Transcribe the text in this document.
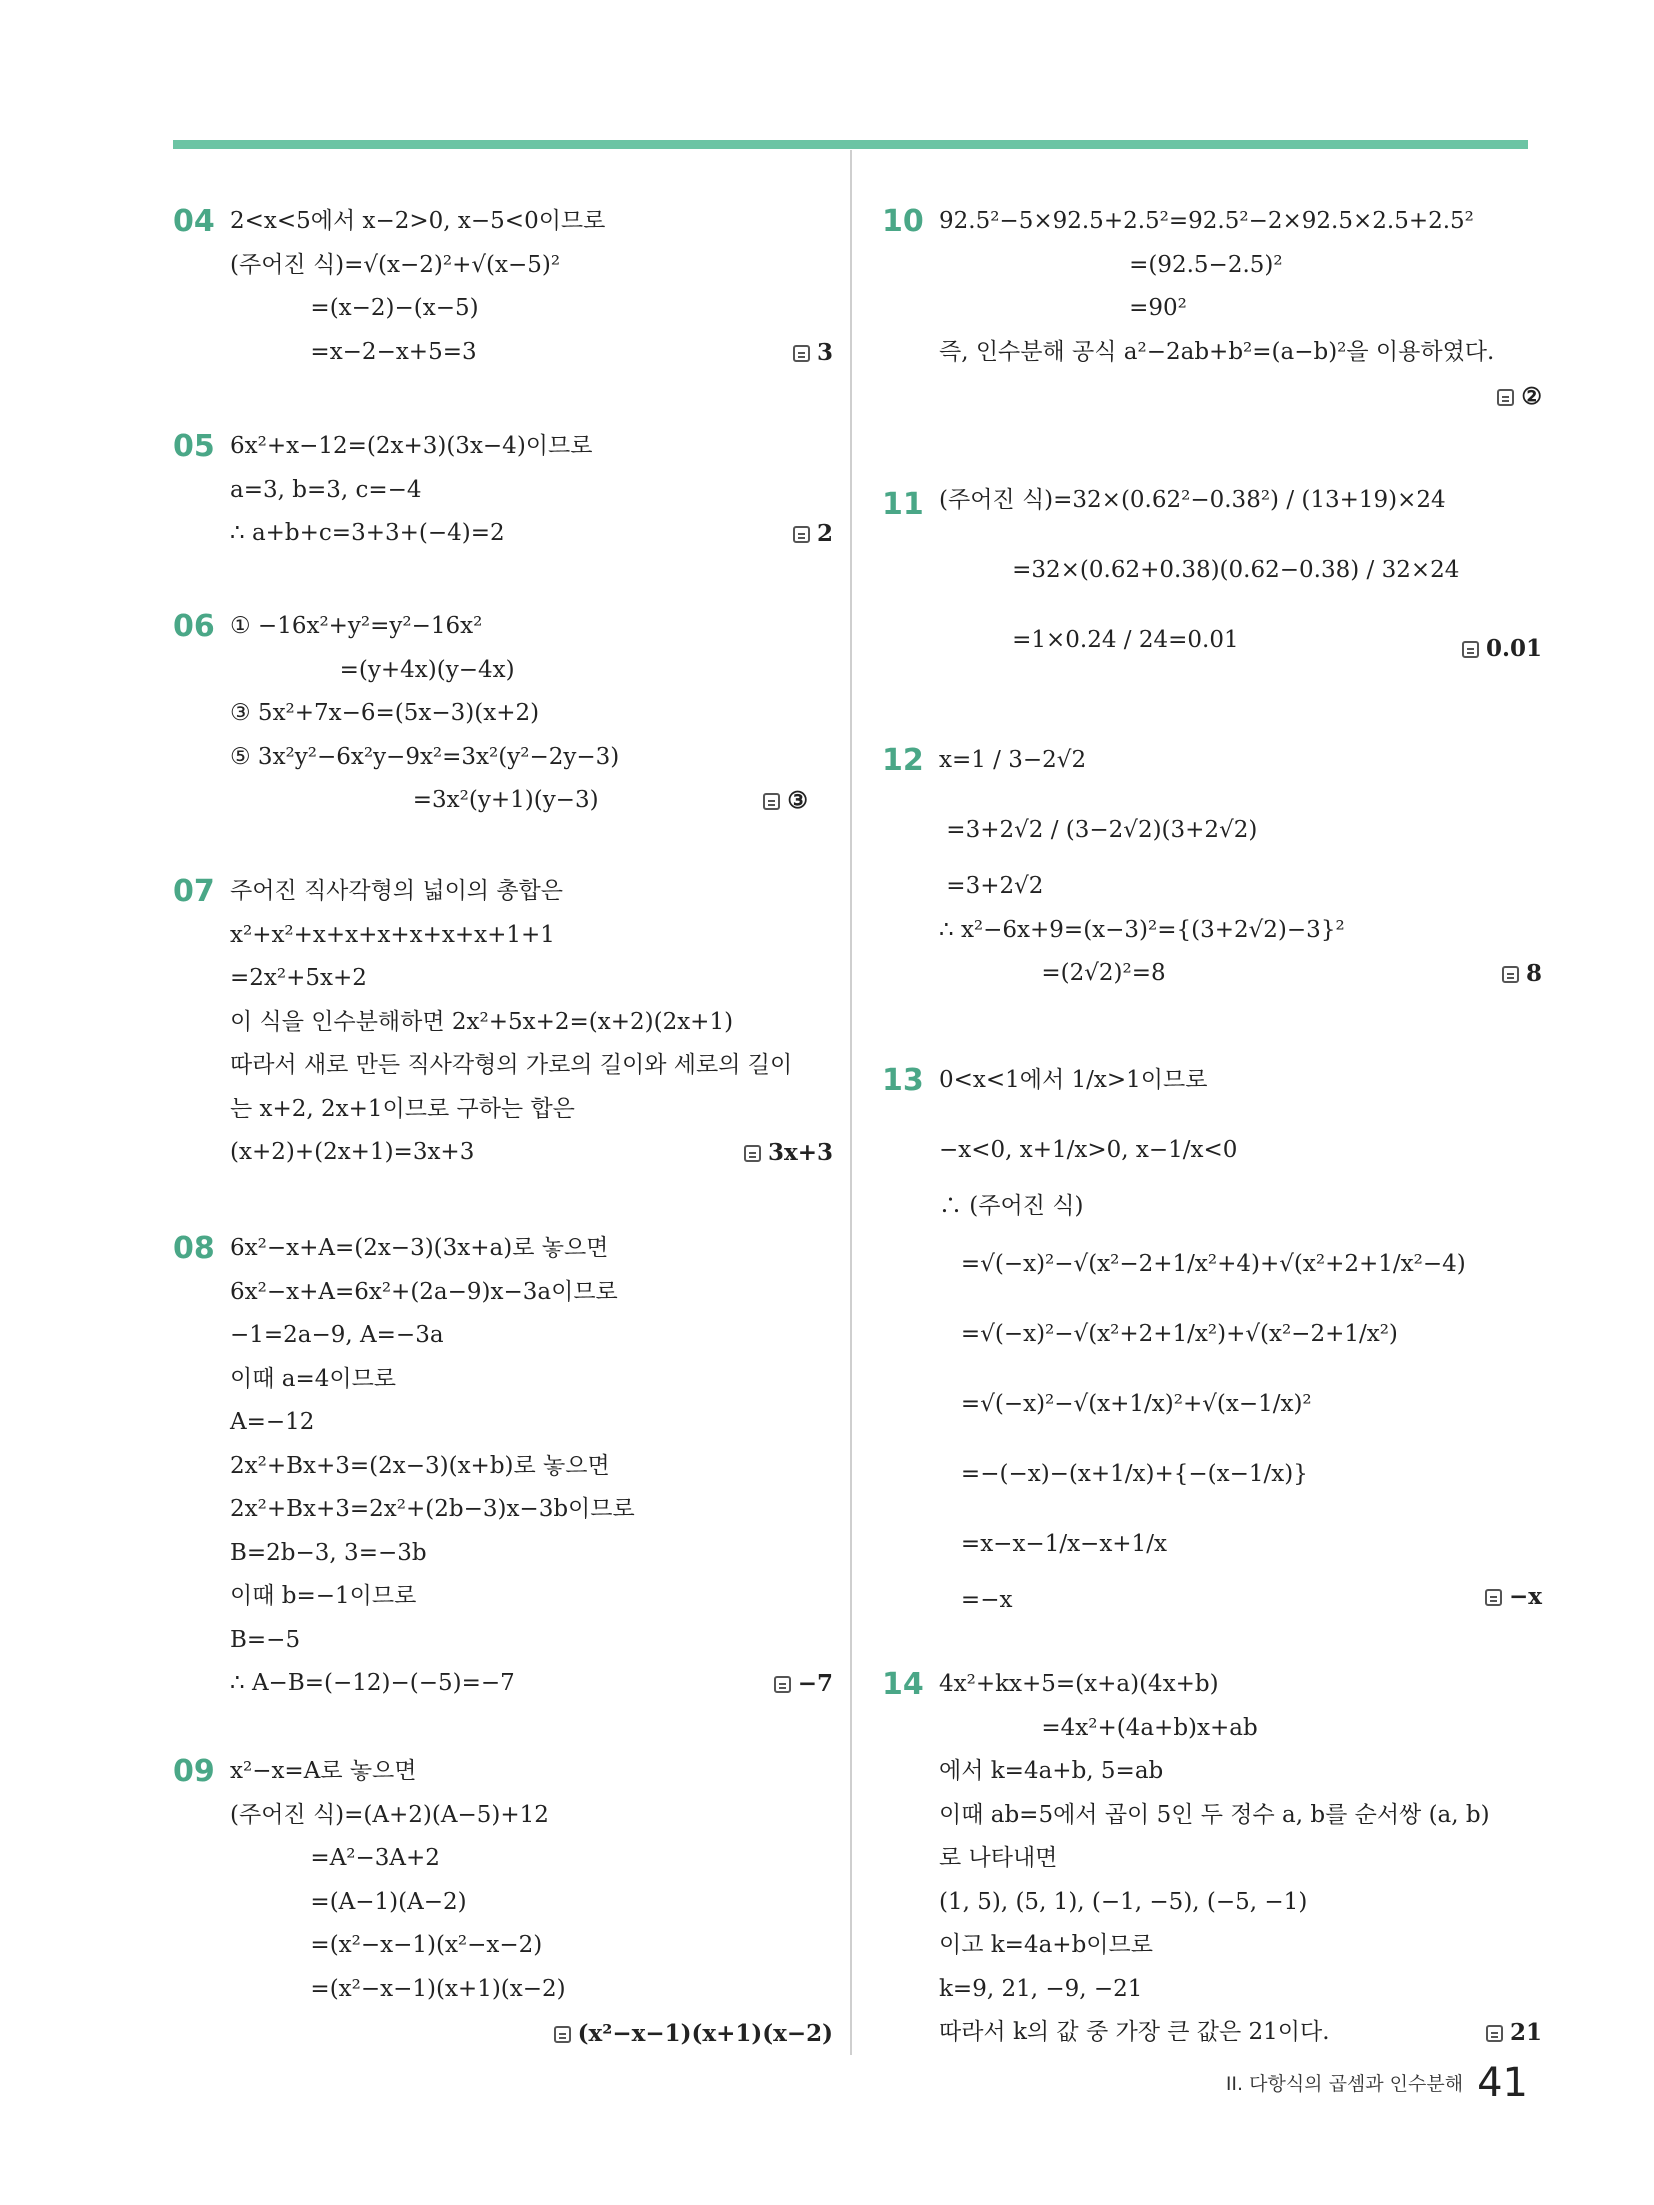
04 2<x<5에서 x−2>0, x−5<0이므로
(주어진 식)=√(x−2)²+√(x−5)²
=(x−2)−(x−5)
=x−2−x+5=3	3
05 6x²+x−12=(2x+3)(3x−4)이므로
a=3, b=3, c=−4
∴ a+b+c=3+3+(−4)=2	2
06 ① −16x²+y²=y²−16x²
=(y+4x)(y−4x)
③ 5x²+7x−6=(5x−3)(x+2)
⑤ 3x²y²−6x²y−9x²=3x²(y²−2y−3)
=3x²(y+1)(y−3)	③
07 주어진 직사각형의 넓이의 총합은
x²+x²+x+x+x+x+x+x+1+1
=2x²+5x+2
이 식을 인수분해하면 2x²+5x+2=(x+2)(2x+1)
따라서 새로 만든 직사각형의 가로의 길이와 세로의 길이
는 x+2, 2x+1이므로 구하는 합은
(x+2)+(2x+1)=3x+3	3x+3
08 6x²−x+A=(2x−3)(3x+a)로 놓으면
6x²−x+A=6x²+(2a−9)x−3a이므로
−1=2a−9, A=−3a
이때 a=4이므로
A=−12
2x²+Bx+3=(2x−3)(x+b)로 놓으면
2x²+Bx+3=2x²+(2b−3)x−3b이므로
B=2b−3, 3=−3b
이때 b=−1이므로
B=−5
∴ A−B=(−12)−(−5)=−7	−7
09 x²−x=A로 놓으면
(주어진 식)=(A+2)(A−5)+12
=A²−3A+2
=(A−1)(A−2)
=(x²−x−1)(x²−x−2)
=(x²−x−1)(x+1)(x−2)
(x²−x−1)(x+1)(x−2)
10 92.5²−5×92.5+2.5²=92.5²−2×92.5×2.5+2.5²
=(92.5−2.5)²
=90²
즉, 인수분해 공식 a²−2ab+b²=(a−b)²을 이용하였다.
②
11 (주어진 식)=32×(0.62²−0.38²) / (13+19)×24
=32×(0.62+0.38)(0.62−0.38) / 32×24
=1×0.24 / 24=0.01	0.01
12 x=1 / 3−2√2
=3+2√2 / (3−2√2)(3+2√2)
=3+2√2
∴ x²−6x+9=(x−3)²={(3+2√2)−3}²
=(2√2)²=8	8
13 0<x<1에서 1/x>1이므로
−x<0, x+1/x>0, x−1/x<0
∴ (주어진 식)
=√(−x)²−√(x²−2+1/x²+4)+√(x²+2+1/x²−4)
=√(−x)²−√(x²+2+1/x²)+√(x²−2+1/x²)
=√(−x)²−√(x+1/x)²+√(x−1/x)²
=−(−x)−(x+1/x)+{−(x−1/x)}
=x−x−1/x−x+1/x
=−x	−x
14 4x²+kx+5=(x+a)(4x+b)
=4x²+(4a+b)x+ab
에서 k=4a+b, 5=ab
이때 ab=5에서 곱이 5인 두 정수 a, b를 순서쌍 (a, b)
로 나타내면
(1, 5), (5, 1), (−1, −5), (−5, −1)
이고 k=4a+b이므로
k=9, 21, −9, −21
따라서 k의 값 중 가장 큰 값은 21이다.	21
II. 다항식의 곱셈과 인수분해 41
